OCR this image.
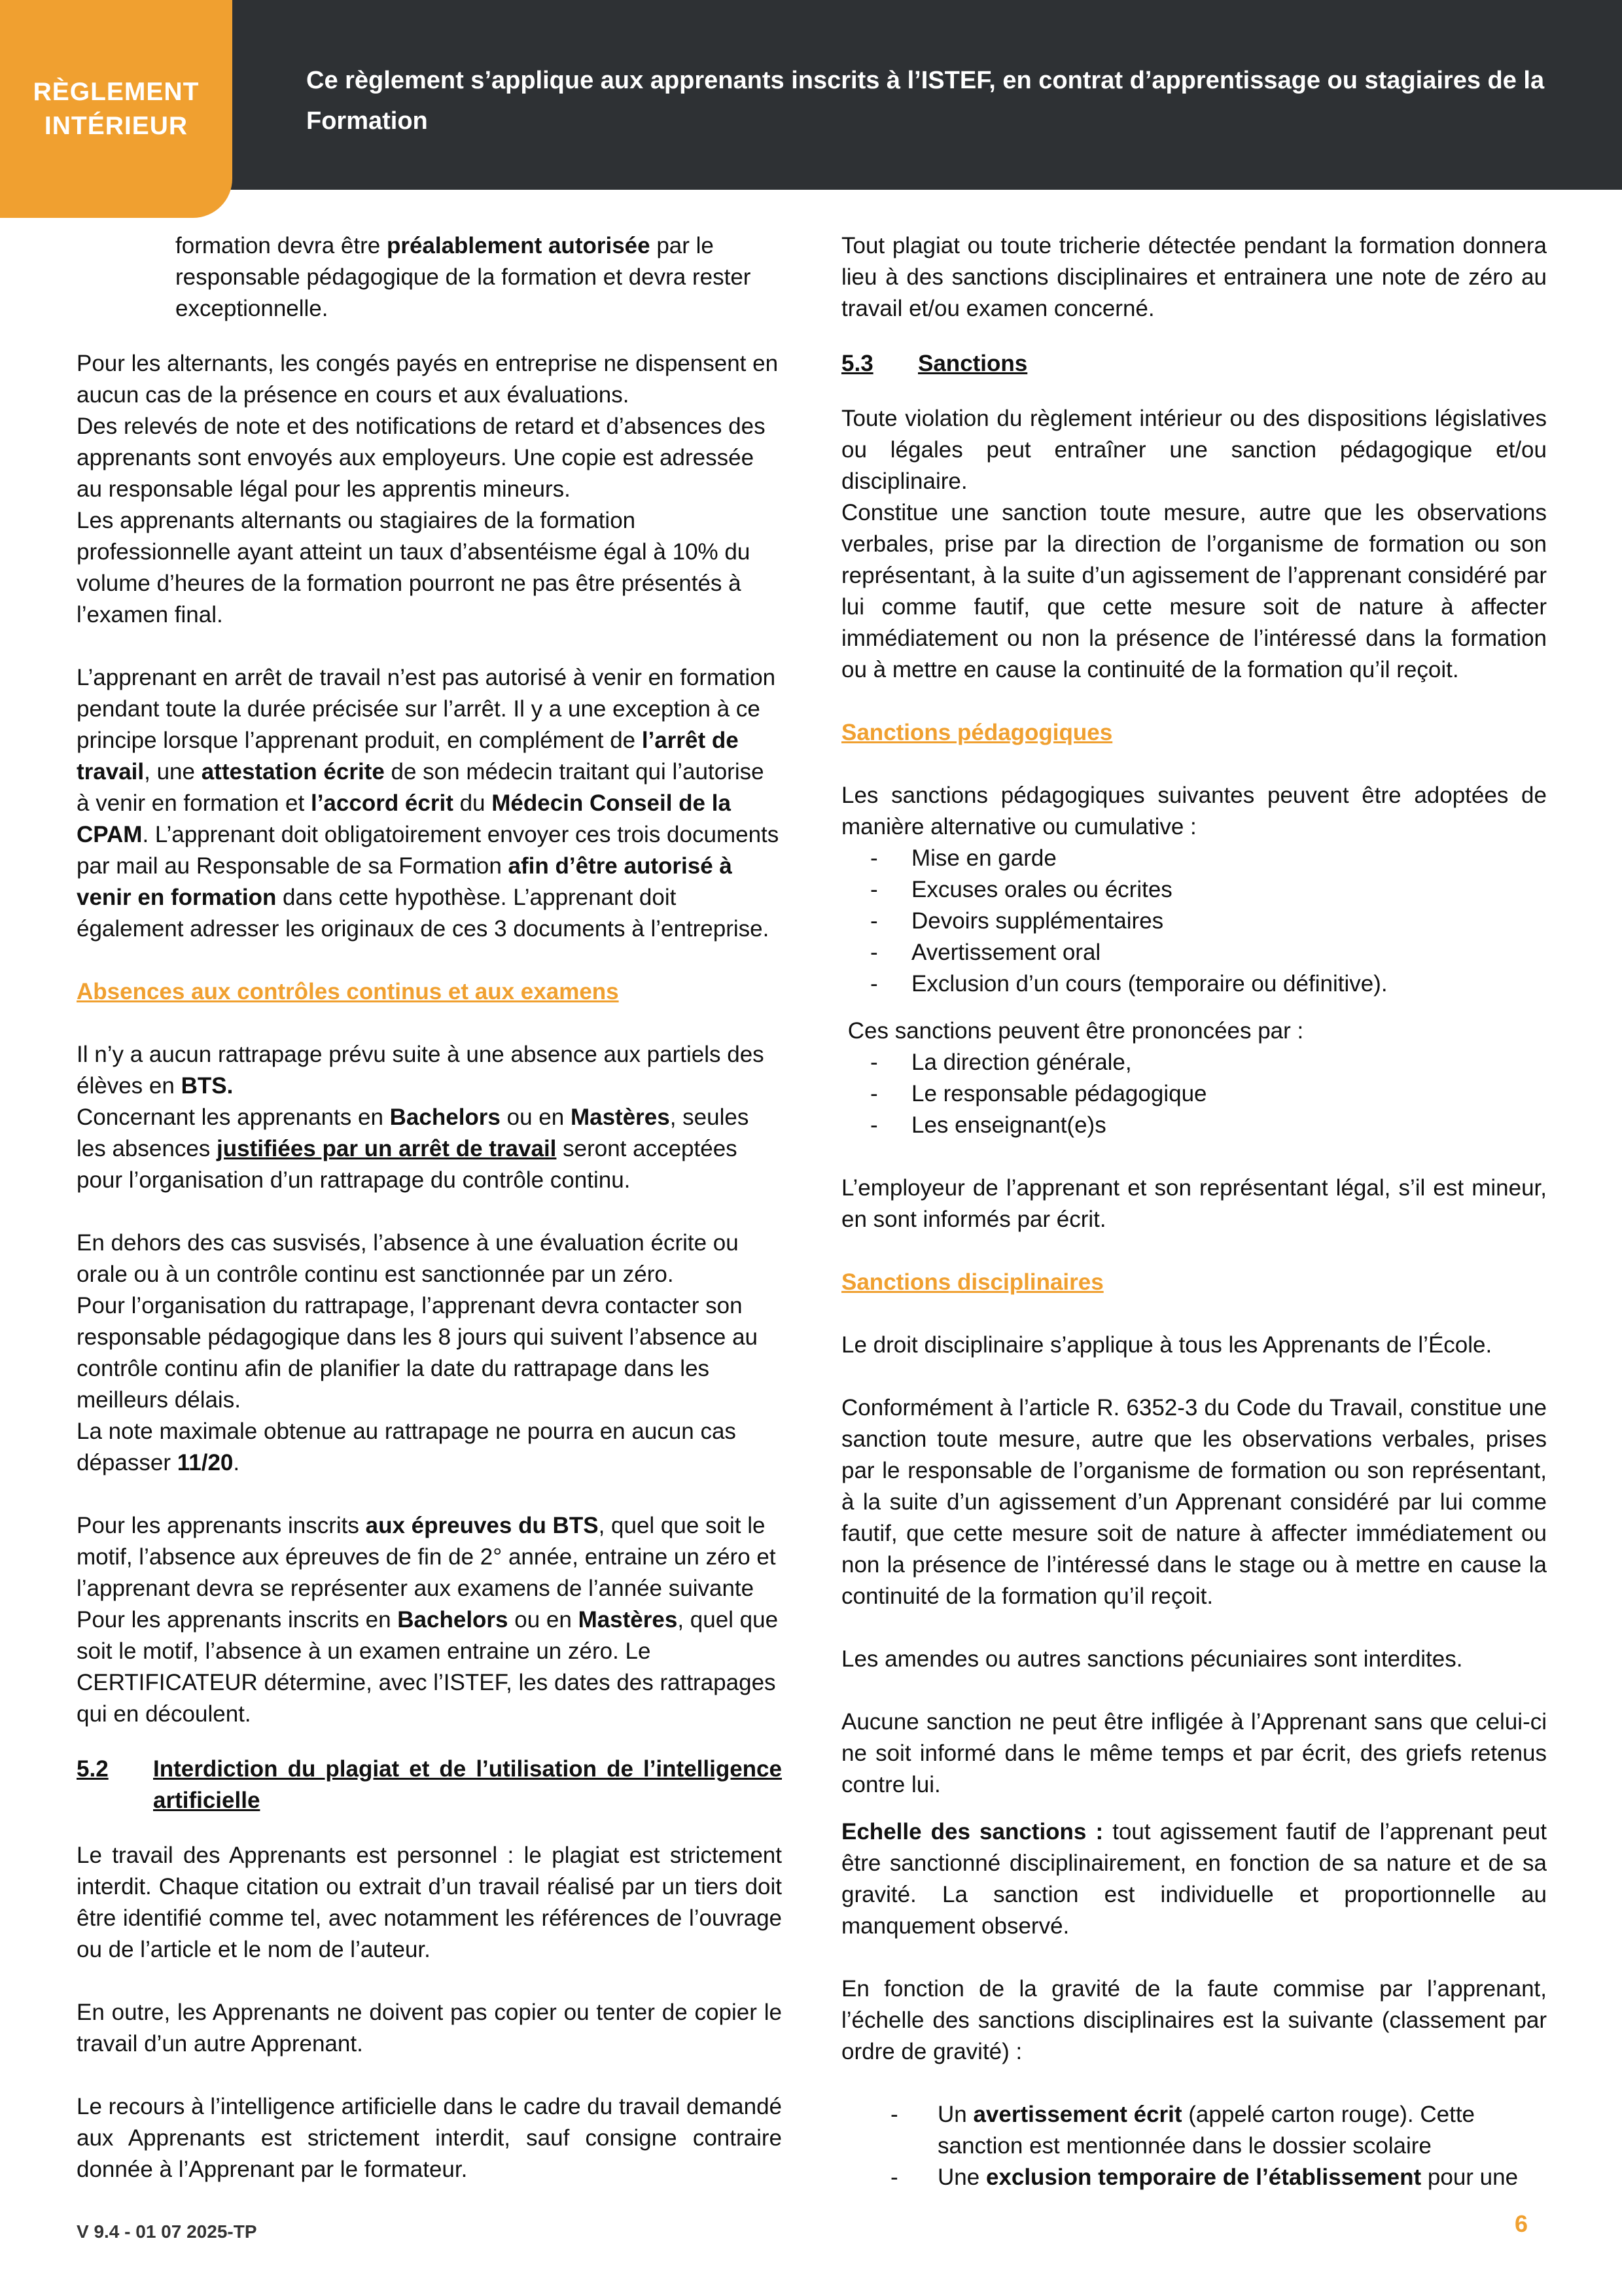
RÈGLEMENT
INTÉRIEUR
Ce règlement s’applique aux apprenants inscrits à l’ISTEF, en contrat d’apprentissage ou stagiaires de la Formation

formation devra être préalablement autorisée par le responsable pédagogique de la formation et devra rester exceptionnelle.

Pour les alternants, les congés payés en entreprise ne dispensent en aucun cas de la présence en cours et aux évaluations.

Des relevés de note et des notifications de retard et d’absences des apprenants sont envoyés aux employeurs. Une copie est adressée au responsable légal pour les apprentis mineurs.

Les apprenants alternants ou stagiaires de la formation professionnelle ayant atteint un taux d’absentéisme égal à 10% du volume d’heures de la formation pourront ne pas être présentés à l’examen final.

L’apprenant en arrêt de travail n’est pas autorisé à venir en formation pendant toute la durée précisée sur l’arrêt. Il y a une exception à ce principe lorsque l’apprenant produit, en complément de l’arrêt de travail, une attestation écrite de son médecin traitant qui l’autorise à venir en formation et l’accord écrit du Médecin Conseil de la CPAM. L’apprenant doit obligatoirement envoyer ces trois documents par mail au Responsable de sa Formation afin d’être autorisé à venir en formation dans cette hypothèse. L’apprenant doit également adresser les originaux de ces 3 documents à l’entreprise.

Absences aux contrôles continus et aux examens

Il n’y a aucun rattrapage prévu suite à une absence aux partiels des élèves en BTS.

Concernant les apprenants en Bachelors ou en Mastères, seules les absences justifiées par un arrêt de travail seront acceptées pour l’organisation d’un rattrapage du contrôle continu.

En dehors des cas susvisés, l’absence à une évaluation écrite ou orale ou à un contrôle continu est sanctionnée par un zéro.

Pour l’organisation du rattrapage, l’apprenant devra contacter son responsable pédagogique dans les 8 jours qui suivent l’absence au contrôle continu afin de planifier la date du rattrapage dans les meilleurs délais.

La note maximale obtenue au rattrapage ne pourra en aucun cas dépasser 11/20.

Pour les apprenants inscrits aux épreuves du BTS, quel que soit le motif, l’absence aux épreuves de fin de 2° année, entraine un zéro et l’apprenant devra se représenter aux examens de l’année suivante

Pour les apprenants inscrits en Bachelors ou en Mastères, quel que soit le motif, l’absence à un examen entraine un zéro. Le CERTIFICATEUR détermine, avec l’ISTEF, les dates des rattrapages qui en découlent.

5.2	Interdiction du plagiat et de l’utilisation de l’intelligence artificielle

Le travail des Apprenants est personnel : le plagiat est strictement interdit. Chaque citation ou extrait d’un travail réalisé par un tiers doit être identifié comme tel, avec notamment les références de l’ouvrage ou de l’article et le nom de l’auteur.

En outre, les Apprenants ne doivent pas copier ou tenter de copier le travail d’un autre Apprenant.

Le recours à l’intelligence artificielle dans le cadre du travail demandé aux Apprenants est strictement interdit, sauf consigne contraire donnée à l’Apprenant par le formateur.

Tout plagiat ou toute tricherie détectée pendant la formation donnera lieu à des sanctions disciplinaires et entrainera une note de zéro au travail et/ou examen concerné.

5.3	Sanctions

Toute violation du règlement intérieur ou des dispositions législatives ou légales peut entraîner une sanction pédagogique et/ou disciplinaire.

Constitue une sanction toute mesure, autre que les observations verbales, prise par la direction de l’organisme de formation ou son représentant, à la suite d’un agissement de l’apprenant considéré par lui comme fautif, que cette mesure soit de nature à affecter immédiatement ou non la présence de l’intéressé dans la formation ou à mettre en cause la continuité de la formation qu’il reçoit.

Sanctions pédagogiques

Les sanctions pédagogiques suivantes peuvent être adoptées de manière alternative ou cumulative :

-	Mise en garde
-	Excuses orales ou écrites
-	Devoirs supplémentaires
-	Avertissement oral
-	Exclusion d’un cours (temporaire ou définitive).

Ces sanctions peuvent être prononcées par :

-	La direction générale,
-	Le responsable pédagogique
-	Les enseignant(e)s

L’employeur de l’apprenant et son représentant légal, s’il est mineur, en sont informés par écrit.

Sanctions disciplinaires

Le droit disciplinaire s’applique à tous les Apprenants de l’École.

Conformément à l’article R. 6352-3 du Code du Travail, constitue une sanction toute mesure, autre que les observations verbales, prises par le responsable de l’organisme de formation ou son représentant, à la suite d’un agissement d’un Apprenant considéré par lui comme fautif, que cette mesure soit de nature à affecter immédiatement ou non la présence de l’intéressé dans le stage ou à mettre en cause la continuité de la formation qu’il reçoit.

Les amendes ou autres sanctions pécuniaires sont interdites.

Aucune sanction ne peut être infligée à l’Apprenant sans que celui-ci ne soit informé dans le même temps et par écrit, des griefs retenus contre lui.

Echelle des sanctions : tout agissement fautif de l’apprenant peut être sanctionné disciplinairement, en fonction de sa nature et de sa gravité. La sanction est individuelle et proportionnelle au manquement observé.

En fonction de la gravité de la faute commise par l’apprenant, l’échelle des sanctions disciplinaires est la suivante (classement par ordre de gravité) :

-	Un avertissement écrit (appelé carton rouge). Cette sanction est mentionnée dans le dossier scolaire
-	Une exclusion temporaire de l’établissement pour une
V 9.4 - 01 07 2025-TP	6
